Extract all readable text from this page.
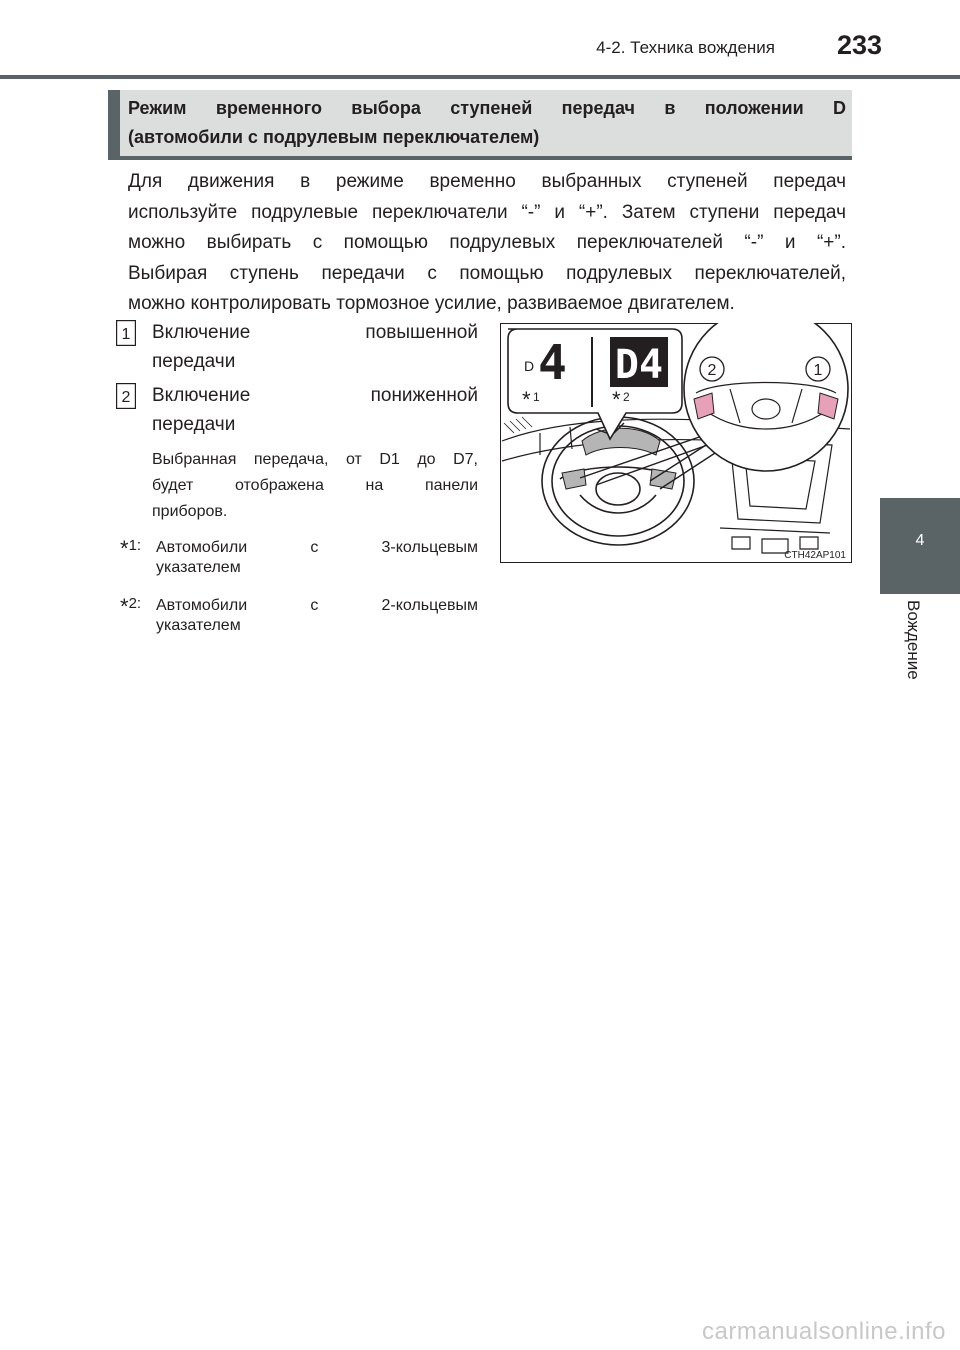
4-2. Техника вождения	233
4
Вождение
Режим временного выбора ступеней передач в положении D
(автомобили с подрулевым переключателем)
Для движения в режиме временно выбранных ступеней передач
используйте подрулевые переключатели “-” и “+”. Затем ступени передач
можно выбирать с помощью подрулевых переключателей “-” и “+”.
Выбирая ступень передачи с помощью подрулевых переключателей,
можно контролировать тормозное усилие, развиваемое двигателем.
1 Включение повышенной
передачи
2 Включение пониженной
передачи
Выбранная передача, от D1 до D7,
будет отображена на панели
приборов.
*1: Автомобили с 3-кольцевым
указателем
*2: Автомобили с 2-кольцевым
указателем
D 4 D4
* 1	* 2
2	1
CTH42AP101
carmanualsonline.info
